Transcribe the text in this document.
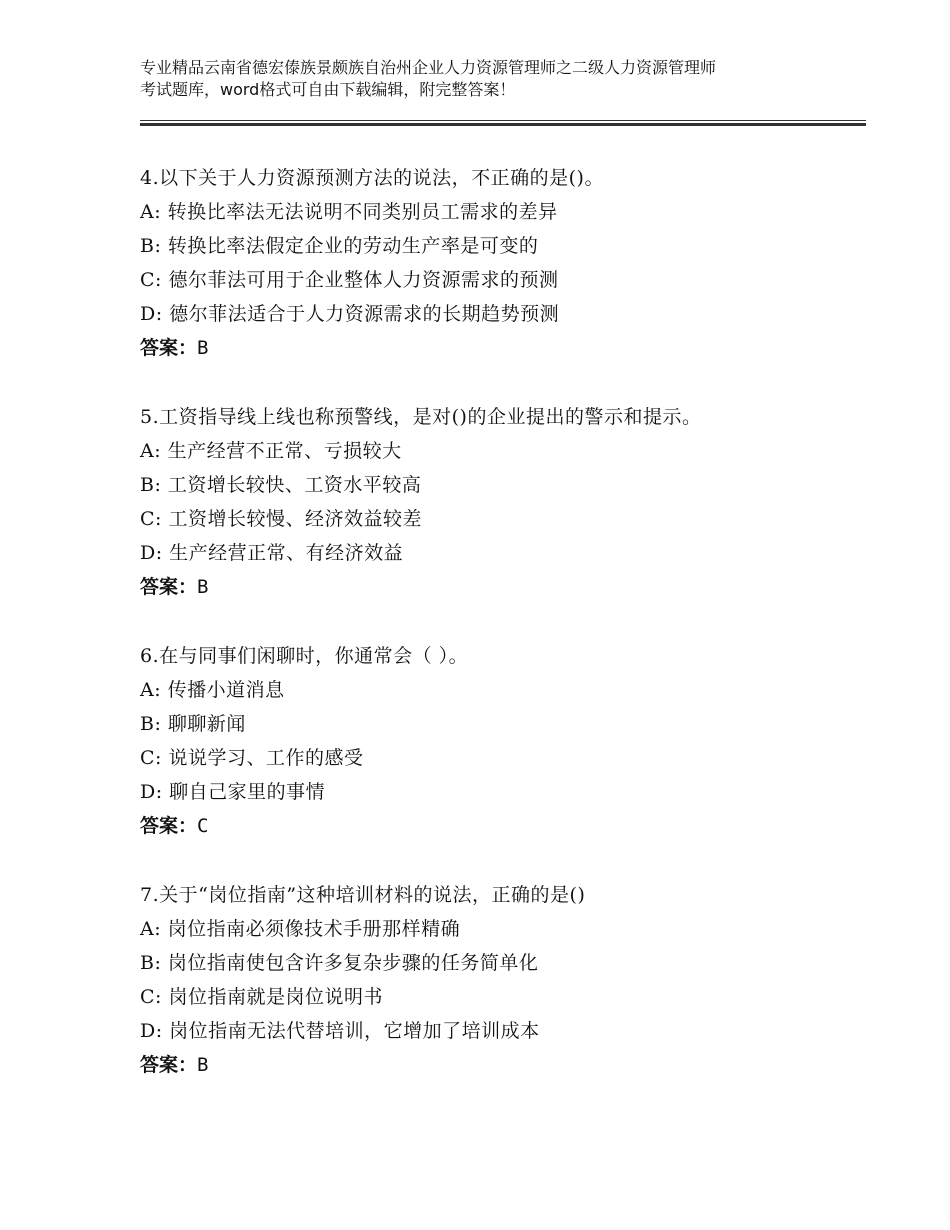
专业精品云南省德宏傣族景颇族自治州企业人力资源管理师之二级人力资源管理师
考试题库，word格式可自由下载编辑，附完整答案！
4.以下关于人力资源预测方法的说法，不正确的是()。
A: 转换比率法无法说明不同类别员工需求的差异
B: 转换比率法假定企业的劳动生产率是可变的
C: 德尔菲法可用于企业整体人力资源需求的预测
D: 德尔菲法适合于人力资源需求的长期趋势预测
答案：B
5.工资指导线上线也称预警线，是对()的企业提出的警示和提示。
A: 生产经营不正常、亏损较大
B: 工资增长较快、工资水平较高
C: 工资增长较慢、经济效益较差
D: 生产经营正常、有经济效益
答案：B
6.在与同事们闲聊时，你通常会（ ）。
A: 传播小道消息
B: 聊聊新闻
C: 说说学习、工作的感受
D: 聊自己家里的事情
答案：C
7.关于“岗位指南”这种培训材料的说法，正确的是()
A: 岗位指南必须像技术手册那样精确
B: 岗位指南使包含许多复杂步骤的任务简单化
C: 岗位指南就是岗位说明书
D: 岗位指南无法代替培训，它增加了培训成本
答案：B
